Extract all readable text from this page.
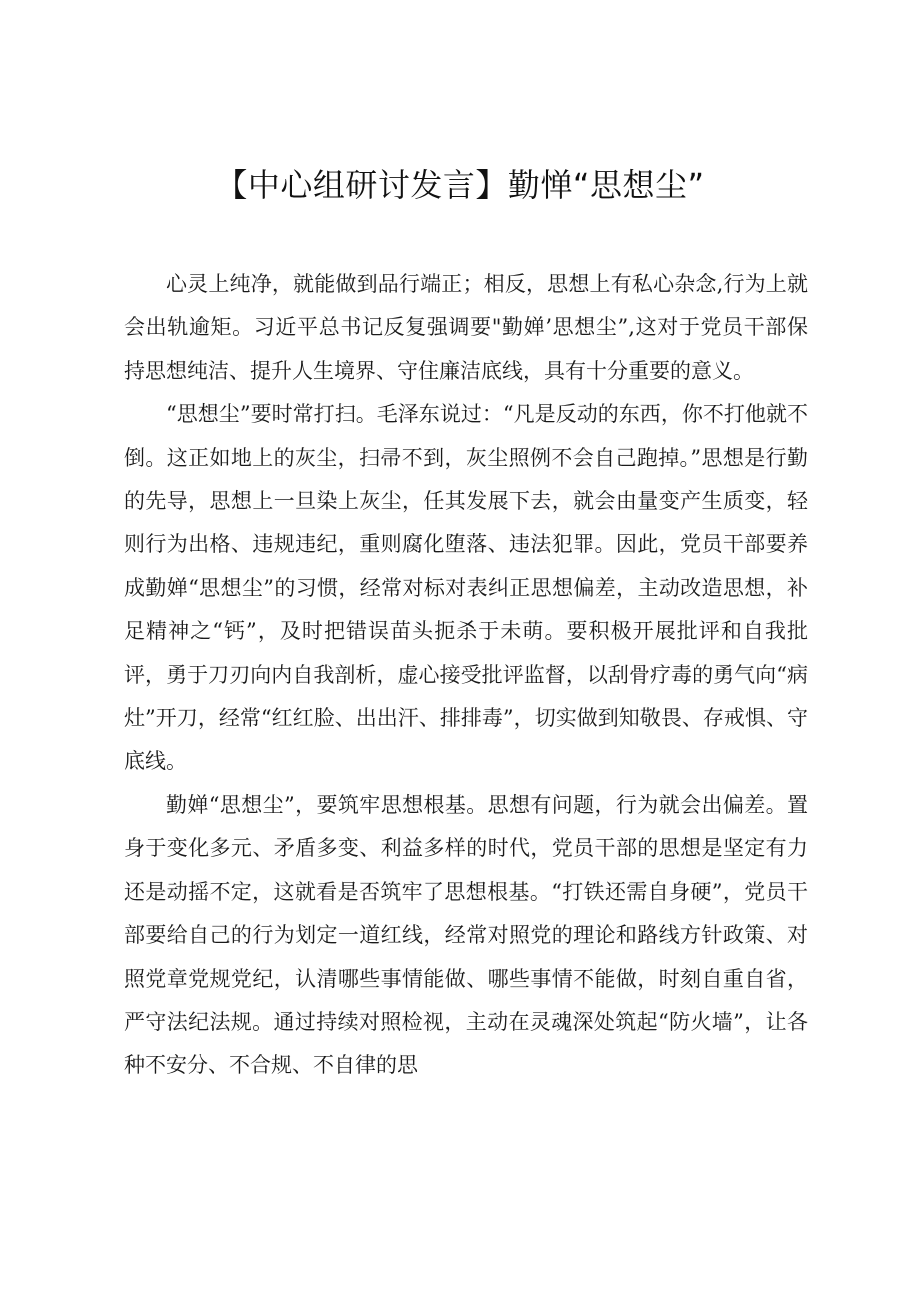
【中心组研讨发言】勤惮“思想尘”

心灵上纯净，就能做到品行端正；相反，思想上有私心杂念,行为上就会出轨逾矩。习近平总书记反复强调要"勤婵’思想尘”,这对于党员干部保持思想纯洁、提升人生境界、守住廉洁底线，具有十分重要的意义。

“思想尘”要时常打扫。毛泽东说过：“凡是反动的东西，你不打他就不倒。这正如地上的灰尘，扫帚不到，灰尘照例不会自己跑掉。”思想是行勤的先导，思想上一旦染上灰尘，任其发展下去，就会由量变产生质变，轻则行为出格、违规违纪，重则腐化堕落、违法犯罪。因此，党员干部要养成勤婵“思想尘”的习惯，经常对标对表纠正思想偏差，主动改造思想，补足精神之“钙”，及时把错误苗头扼杀于未萌。要积极开展批评和自我批评，勇于刀刃向内自我剖析，虚心接受批评监督，以刮骨疗毒的勇气向“病灶”开刀，经常“红红脸、出出汗、排排毒”，切实做到知敬畏、存戒惧、守底线。

勤婵“思想尘”，要筑牢思想根基。思想有问题，行为就会出偏差。置身于变化多元、矛盾多变、利益多样的时代，党员干部的思想是坚定有力还是动摇不定，这就看是否筑牢了思想根基。“打铁还需自身硬”，党员干部要给自己的行为划定一道红线，经常对照党的理论和路线方针政策、对照党章党规党纪，认清哪些事情能做、哪些事情不能做，时刻自重自省，严守法纪法规。通过持续对照检视，主动在灵魂深处筑起“防火墙”，让各种不安分、不合规、不自律的思
